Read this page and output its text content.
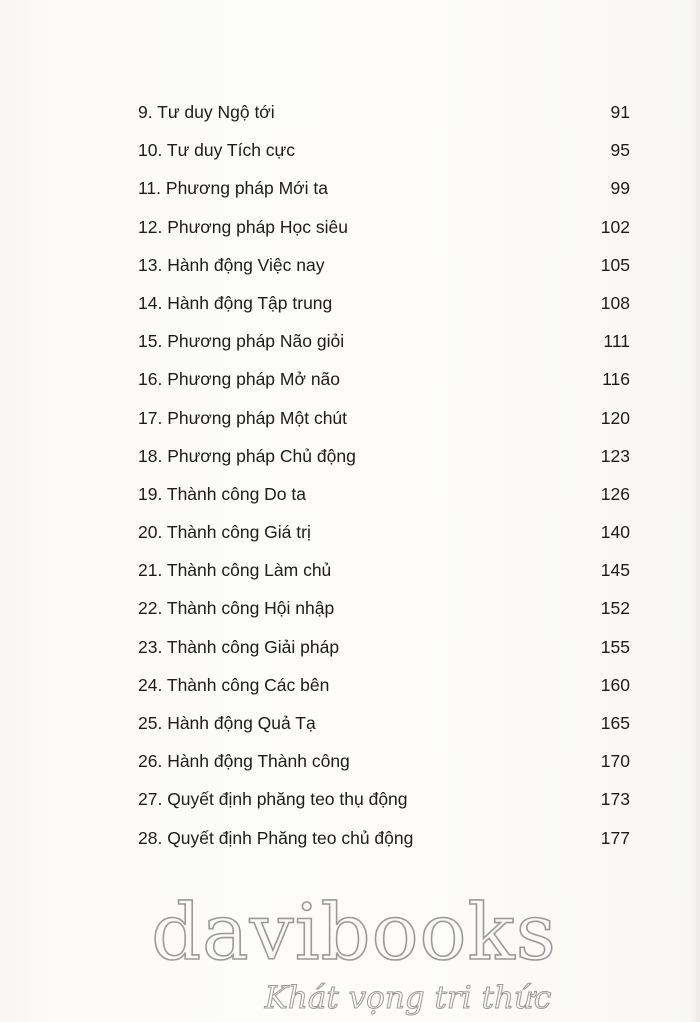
9. Tư duy Ngộ tới	91
10. Tư duy Tích cực	95
11. Phương pháp Mới ta	99
12. Phương pháp Học siêu	102
13. Hành động Việc nay	105
14. Hành động Tập trung	108
15. Phương pháp Não giỏi	111
16. Phương pháp Mở não	116
17. Phương pháp Một chút	120
18. Phương pháp Chủ động	123
19. Thành công Do ta	126
20. Thành công Giá trị	140
21. Thành công Làm chủ	145
22. Thành công Hội nhập	152
23. Thành công Giải pháp	155
24. Thành công Các bên	160
25. Hành động Quả Tạ	165
26. Hành động Thành công	170
27. Quyết định phăng teo thụ động	173
28. Quyết định Phăng teo chủ động	177
davibooks
Khát vọng tri thức
